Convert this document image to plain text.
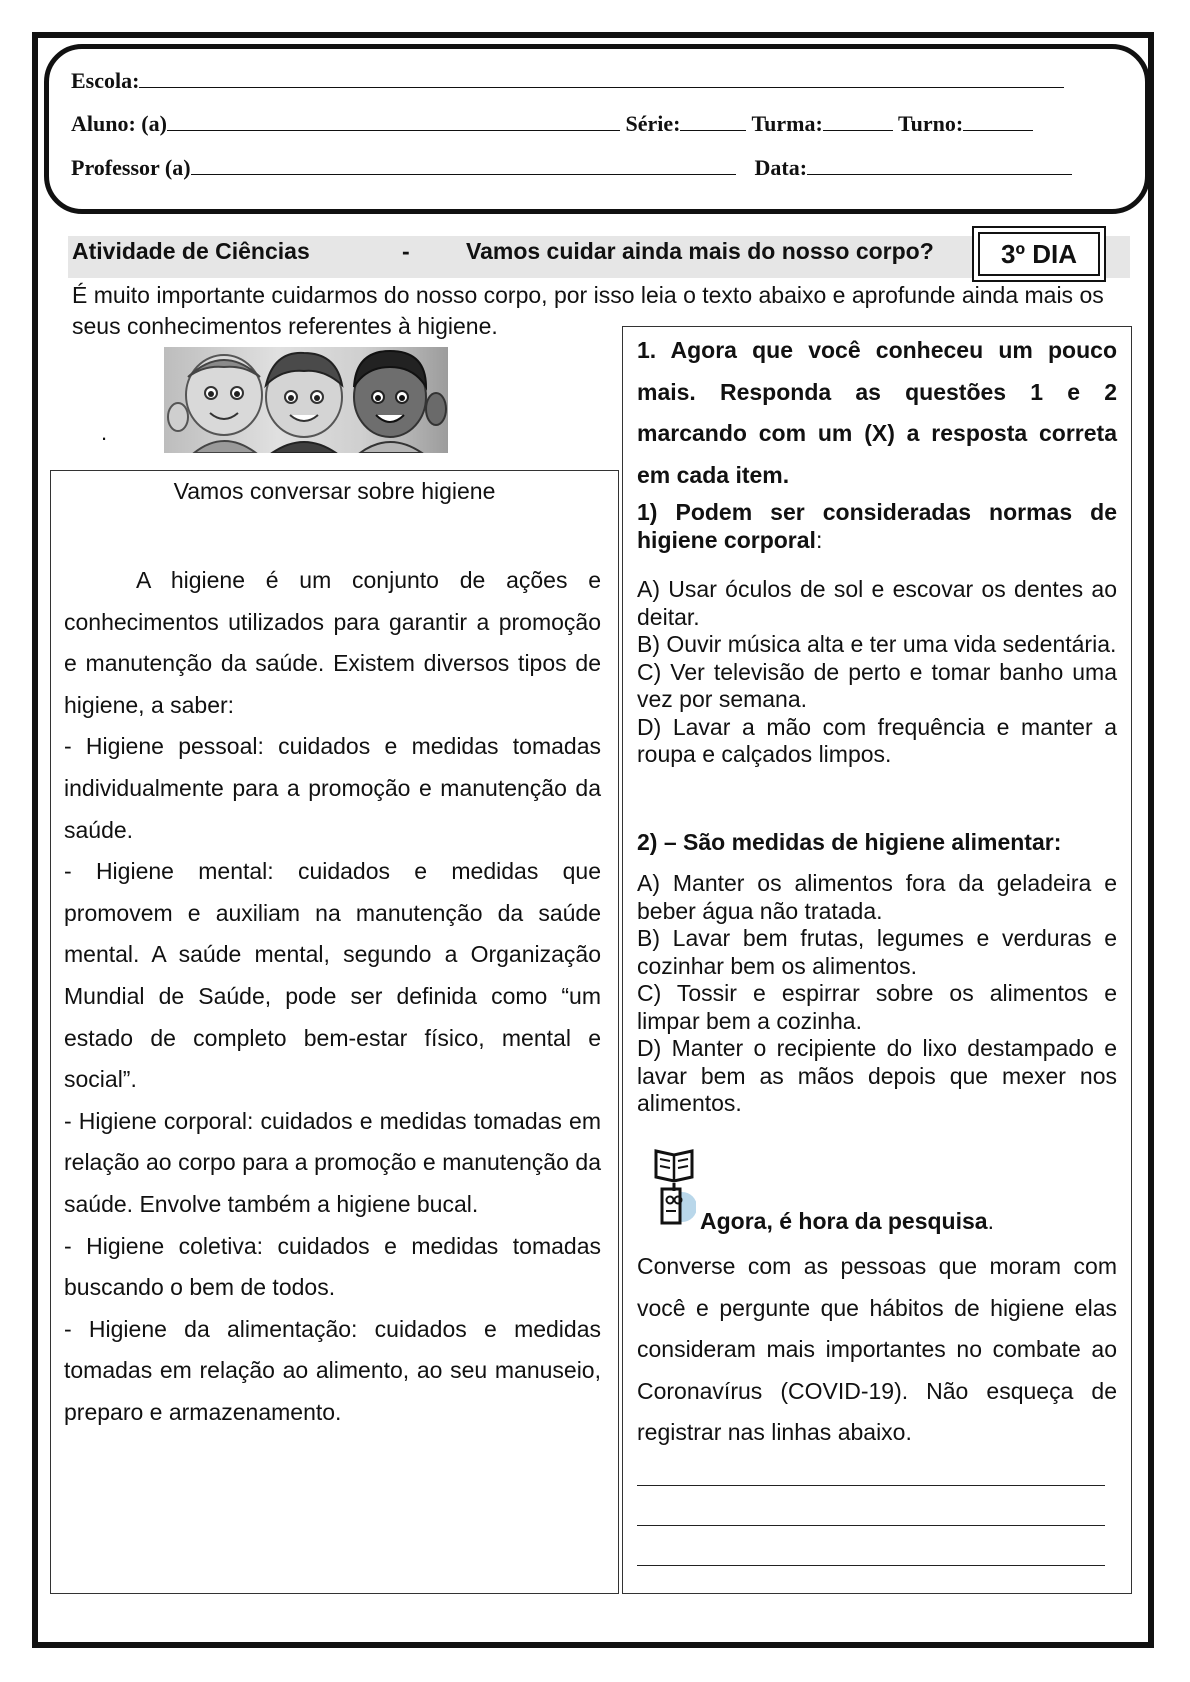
Escola:
Aluno: (a)	Série:	Turma:	Turno:
Professor (a)	Data:
Atividade de Ciências	- Vamos cuidar ainda mais do nosso corpo?	3º DIA
É muito importante cuidarmos do nosso corpo, por isso leia o texto abaixo e aprofunde ainda mais os seus conhecimentos referentes à higiene.
.
Vamos conversar sobre higiene

A higiene é um conjunto de ações e conhecimentos utilizados para garantir a promoção e manutenção da saúde. Existem diversos tipos de higiene, a saber:

- Higiene pessoal: cuidados e medidas tomadas individualmente para a promoção e manutenção da saúde.

- Higiene mental: cuidados e medidas que promovem e auxiliam na manutenção da saúde mental. A saúde mental, segundo a Organização Mundial de Saúde, pode ser definida como “um estado de completo bem-estar físico, mental e social”.

- Higiene corporal: cuidados e medidas tomadas em relação ao corpo para a promoção e manutenção da saúde. Envolve também a higiene bucal.

- Higiene coletiva: cuidados e medidas tomadas buscando o bem de todos.

- Higiene da alimentação: cuidados e medidas tomadas em relação ao alimento, ao seu manuseio, preparo e armazenamento.

1. Agora que você conheceu um pouco mais. Responda as questões 1 e 2 marcando com um (X) a resposta correta em cada item.
1) Podem ser consideradas normas de higiene corporal:

A) Usar óculos de sol e escovar os dentes ao deitar.

B) Ouvir música alta e ter uma vida sedentária.

C) Ver televisão de perto e tomar banho uma vez por semana.

D) Lavar a mão com frequência e manter a roupa e calçados limpos.

2) – São medidas de higiene alimentar:

A) Manter os alimentos fora da geladeira e beber água não tratada.

B) Lavar bem frutas, legumes e verduras e cozinhar bem os alimentos.

C) Tossir e espirrar sobre os alimentos e limpar bem a cozinha.

D) Manter o recipiente do lixo destampado e lavar bem as mãos depois que mexer nos alimentos.

Agora, é hora da pesquisa.
Converse com as pessoas que moram com você e pergunte que hábitos de higiene elas consideram mais importantes no combate ao Coronavírus (COVID-19). Não esqueça de registrar nas linhas abaixo.
